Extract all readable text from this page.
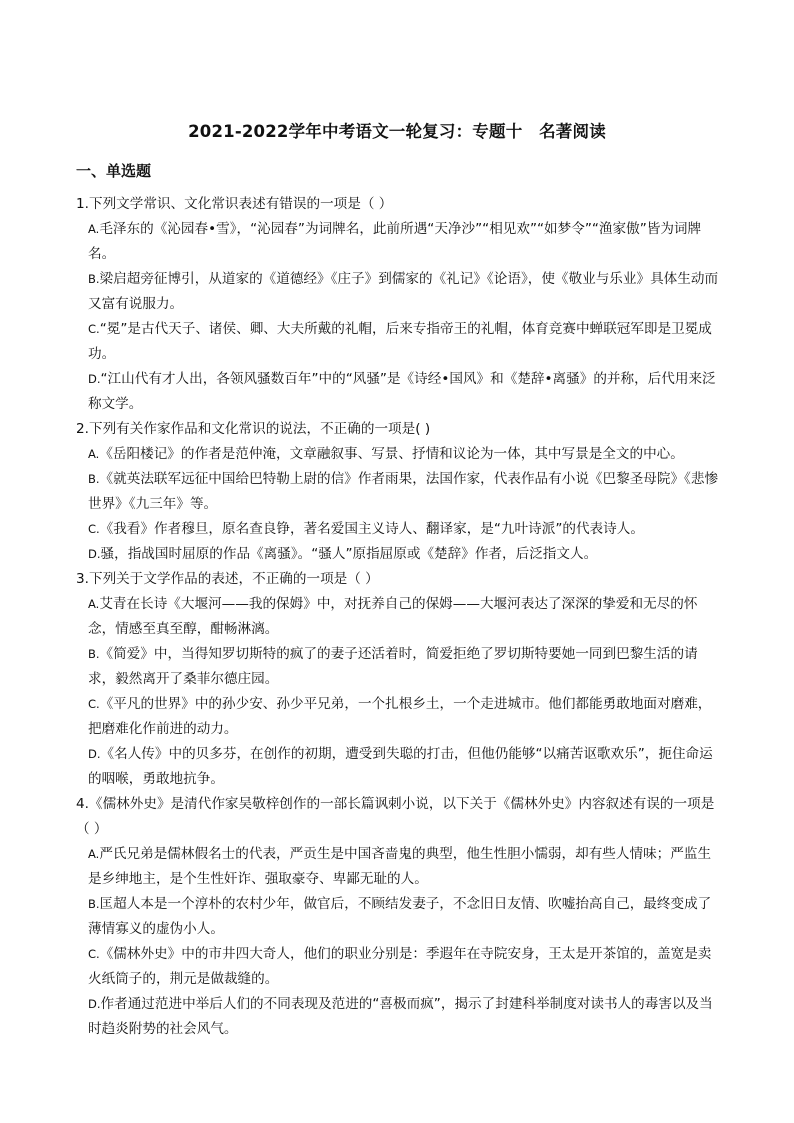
2021-2022学年中考语文一轮复习：专题十　名著阅读
一、单选题

1.下列文学常识、文化常识表述有错误的一项是（ ）

A.毛泽东的《沁园春•雪》，“沁园春”为词牌名，此前所遇“天净沙”“相见欢”“如梦令”“渔家傲”皆为词牌名。

B.梁启超旁征博引，从道家的《道德经》《庄子》到儒家的《礼记》《论语》，使《敬业与乐业》具体生动而又富有说服力。

C.“冕”是古代天子、诸侯、卿、大夫所戴的礼帽，后来专指帝王的礼帽，体育竞赛中蝉联冠军即是卫冕成功。

D.“江山代有才人出，各领风骚数百年”中的“风骚”是《诗经•国风》和《楚辞•离骚》的并称，后代用来泛称文学。

2.下列有关作家作品和文化常识的说法，不正确的一项是( )

A.《岳阳楼记》的作者是范仲淹，文章融叙事、写景、抒情和议论为一体，其中写景是全文的中心。

B.《就英法联军远征中国给巴特勒上尉的信》作者雨果，法国作家，代表作品有小说《巴黎圣母院》《悲惨世界》《九三年》等。

C.《我看》作者穆旦，原名查良铮，著名爱国主义诗人、翻译家，是“九叶诗派”的代表诗人。

D.骚，指战国时屈原的作品《离骚》。“骚人”原指屈原或《楚辞》作者，后泛指文人。

3.下列关于文学作品的表述，不正确的一项是（ ）

A.艾青在长诗《大堰河——我的保姆》中，对抚养自己的保姆——大堰河表达了深深的挚爱和无尽的怀念，情感至真至醇，酣畅淋漓。

B.《简爱》中，当得知罗切斯特的疯了的妻子还活着时，简爱拒绝了罗切斯特要她一同到巴黎生活的请求，毅然离开了桑菲尔德庄园。

C.《平凡的世界》中的孙少安、孙少平兄弟，一个扎根乡土，一个走进城市。他们都能勇敢地面对磨难，把磨难化作前进的动力。

D.《名人传》中的贝多芬，在创作的初期，遭受到失聪的打击，但他仍能够“以痛苦讴歌欢乐”，扼住命运的咽喉，勇敢地抗争。

4.《儒林外史》是清代作家吴敬梓创作的一部长篇讽刺小说，以下关于《儒林外史》内容叙述有误的一项是（ ）

A.严氏兄弟是儒林假名士的代表，严贡生是中国吝啬鬼的典型，他生性胆小懦弱，却有些人情味；严监生是乡绅地主，是个生性奸诈、强取豪夺、卑鄙无耻的人。

B.匡超人本是一个淳朴的农村少年，做官后，不顾结发妻子，不念旧日友情、吹嘘抬高自己，最终变成了薄情寡义的虚伪小人。

C.《儒林外史》中的市井四大奇人，他们的职业分别是：季遐年在寺院安身，王太是开茶馆的，盖宽是卖火纸筒子的，荆元是做裁缝的。

D.作者通过范进中举后人们的不同表现及范进的“喜极而疯”，揭示了封建科举制度对读书人的毒害以及当时趋炎附势的社会风气。
